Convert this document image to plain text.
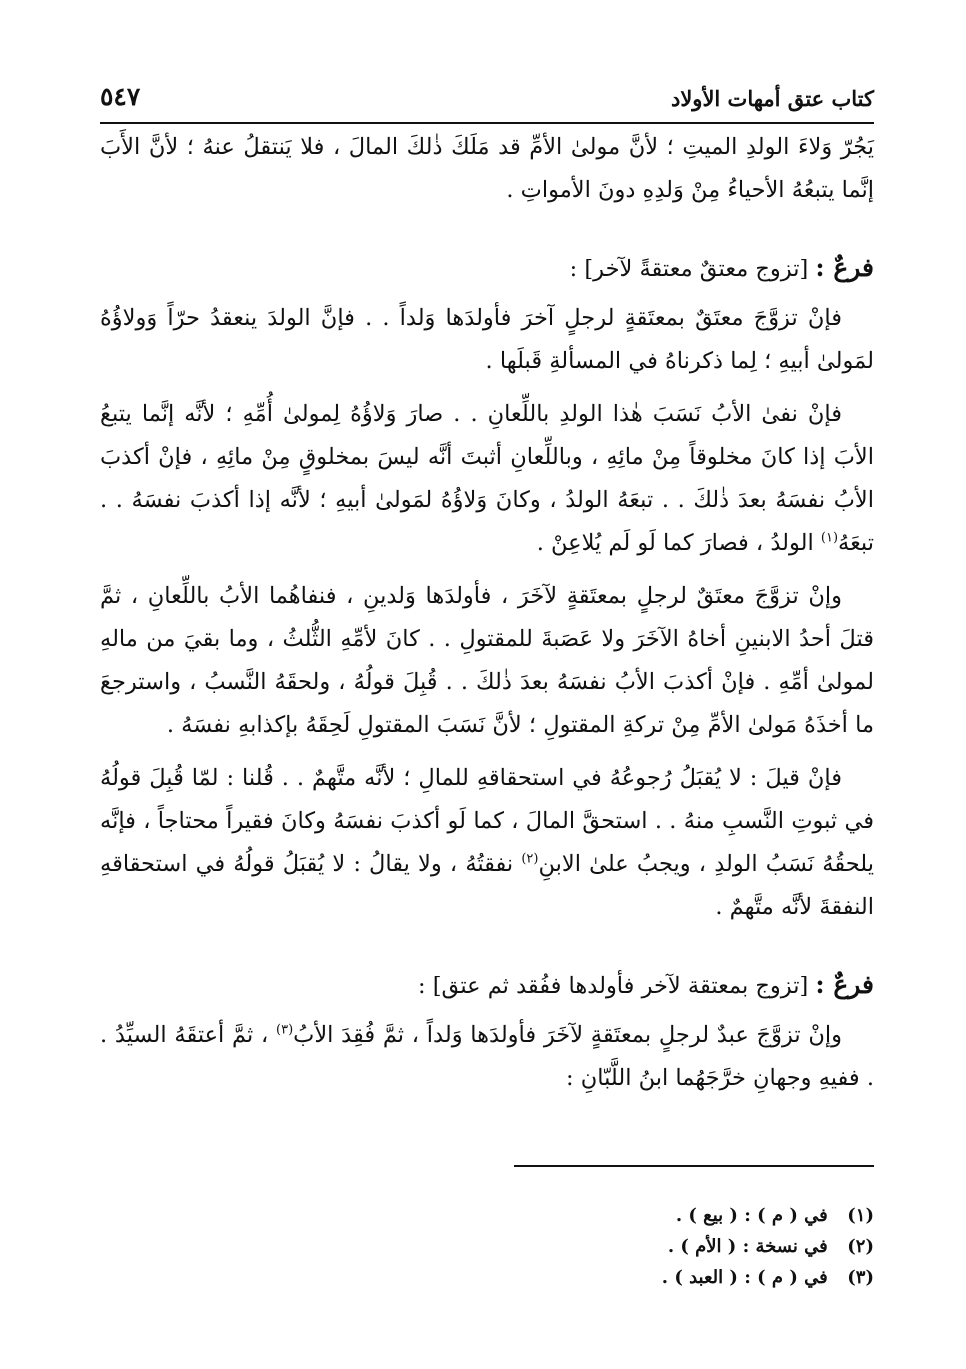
كتاب عتق أمهات الأولاد
٥٤٧

يَجُرّ وَلاءَ الولدِ الميتِ ؛ لأنَّ مولىٰ الأمِّ قد مَلَكَ ذٰلكَ المالَ ، فلا يَنتقلُ عنهُ ؛ لأنَّ الأَبَ إنَّما يتبعُهُ الأحياءُ مِنْ وَلدِهِ دونَ الأمواتِ .

فرعٌ : [تزوج معتقٌ معتقةً لآخر] :

فإنْ تزوَّجَ معتَقٌ بمعتَقةٍ لرجلٍ آخرَ فأولدَها وَلداً . . فإنَّ الولدَ ينعقدُ حرّاً وَولاؤُهُ لمَولىٰ أبيهِ ؛ لِما ذكرناهُ في المسألةِ قَبلَها .

فإنْ نفىٰ الأبُ نَسَبَ هٰذا الولدِ باللِّعانِ . . صارَ وَلاؤُهُ لِمولىٰ أُمِّهِ ؛ لأنَّه إنَّما يتبعُ الأبَ إذا كانَ مخلوقاً مِنْ مائِهِ ، وباللِّعانِ أثبتَ أنَّه ليسَ بمخلوقٍ مِنْ مائِهِ ، فإنْ أكذبَ الأبُ نفسَهُ بعدَ ذٰلكَ . . تبعَهُ الولدُ ، وكانَ وَلاؤُهُ لمَولىٰ أبيهِ ؛ لأنَّه إذا أكذبَ نفسَهُ . . تبعَهُ$^{(١)}$ الولدُ ، فصارَ كما لَو لَم يُلاعِنْ .

وإنْ تزوَّجَ معتَقٌ لرجلٍ بمعتَقةٍ لآخَرَ ، فأولدَها وَلدينِ ، فنفاهُما الأبُ باللِّعانِ ، ثمَّ قتلَ أحدُ الابنينِ أخاهُ الآخَرَ ولا عَصَبةَ للمقتولِ . . كانَ لأمِّهِ الثُّلثُ ، وما بقيَ من مالهِ لمولىٰ أمِّهِ . فإنْ أكذبَ الأبُ نفسَهُ بعدَ ذٰلكَ . . قُبِلَ قولُهُ ، ولحقَهُ النَّسبُ ، واسترجعَ ما أخذَهُ مَولىٰ الأمِّ مِنْ تركةِ المقتولِ ؛ لأنَّ نَسَبَ المقتولِ لَحِقَهُ بإكذابهِ نفسَهُ .

فإنْ قيلَ : لا يُقبَلُ رُجوعُهُ في استحقاقهِ للمالِ ؛ لأنَّه متَّهمٌ . . قُلنا : لمّا قُبِلَ قولُهُ في ثبوتِ النَّسبِ منهُ . . استحقَّ المالَ ، كما لَو أكذبَ نفسَهُ وكانَ فقيراً محتاجاً ، فإنَّه يلحقُهُ نَسَبُ الولدِ ، ويجبُ علىٰ الابنِ$^{(٢)}$ نفقتُهُ ، ولا يقالُ : لا يُقبَلُ قولُهُ في استحقاقهِ النفقةَ لأنَّه متَّهمٌ .

فرعٌ : [تزوج بمعتقة لآخر فأولدها ففُقد ثم عتق] :

وإنْ تزوَّجَ عبدٌ لرجلٍ بمعتَقةٍ لآخَرَ فأولدَها وَلداً ، ثمَّ فُقِدَ الأبُ$^{(٣)}$ ، ثمَّ أعتقَهُ السيِّدُ . . ففيهِ وجهانِ خرَّجَهُما ابنُ اللَّبّانِ :

(١) في ( م ) : ( بيع ) .
(٢) في نسخة : ( الأم ) .
(٣) في ( م ) : ( العبد ) .
